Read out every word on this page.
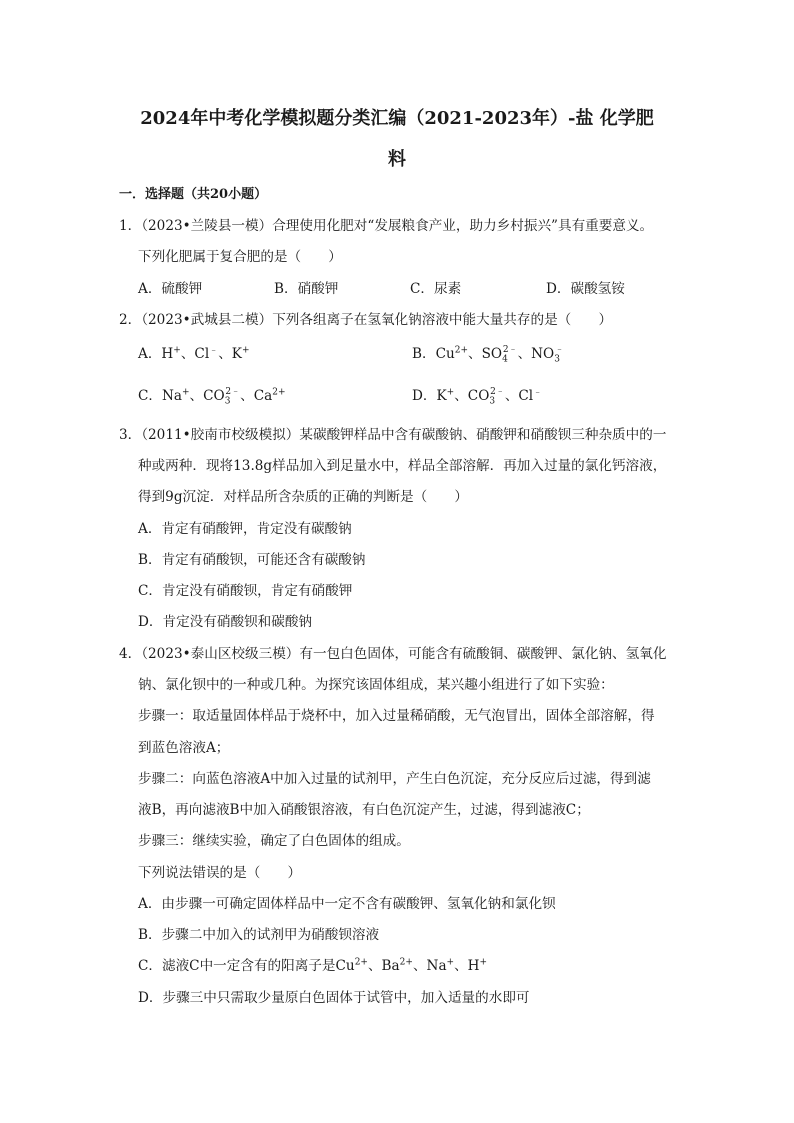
2024年中考化学模拟题分类汇编（2021-2023年）-盐 化学肥
料
一．选择题（共20小题）
1．（2023•兰陵县一模）合理使用化肥对“发展粮食产业，助力乡村振兴”具有重要意义。
下列化肥属于复合肥的是（　　）
A．硫酸钾	B．硝酸钾	C．尿素	D．碳酸氢铵
2．（2023•武城县二模）下列各组离子在氢氧化钠溶液中能大量共存的是（　　）
A．H+、Cl﹣、K+	B．$Cu^{2+}$、$SO_4^{2﹣}$、$NO_3^﹣$
C．Na+、$CO_3^{2﹣}$、$Ca^{2+}$	D．K+、$CO_3^{2﹣}$、Cl﹣
3．（2011•胶南市校级模拟）某碳酸钾样品中含有碳酸钠、硝酸钾和硝酸钡三种杂质中的一
种或两种．现将13.8g样品加入到足量水中，样品全部溶解．再加入过量的氯化钙溶液，
得到9g沉淀．对样品所含杂质的正确的判断是（　　）
A．肯定有硝酸钾，肯定没有碳酸钠
B．肯定有硝酸钡，可能还含有碳酸钠
C．肯定没有硝酸钡，肯定有硝酸钾
D．肯定没有硝酸钡和碳酸钠
4．（2023•泰山区校级三模）有一包白色固体，可能含有硫酸铜、碳酸钾、氯化钠、氢氧化
钠、氯化钡中的一种或几种。为探究该固体组成，某兴趣小组进行了如下实验：
步骤一：取适量固体样品于烧杯中，加入过量稀硝酸，无气泡冒出，固体全部溶解，得
到蓝色溶液A；
步骤二：向蓝色溶液A中加入过量的试剂甲，产生白色沉淀，充分反应后过滤，得到滤
液B，再向滤液B中加入硝酸银溶液，有白色沉淀产生，过滤，得到滤液C；
步骤三：继续实验，确定了白色固体的组成。
下列说法错误的是（　　）
A．由步骤一可确定固体样品中一定不含有碳酸钾、氢氧化钠和氯化钡
B．步骤二中加入的试剂甲为硝酸钡溶液
C．滤液C中一定含有的阳离子是$Cu^{2+}$、$Ba^{2+}$、Na+、H+
D．步骤三中只需取少量原白色固体于试管中，加入适量的水即可
